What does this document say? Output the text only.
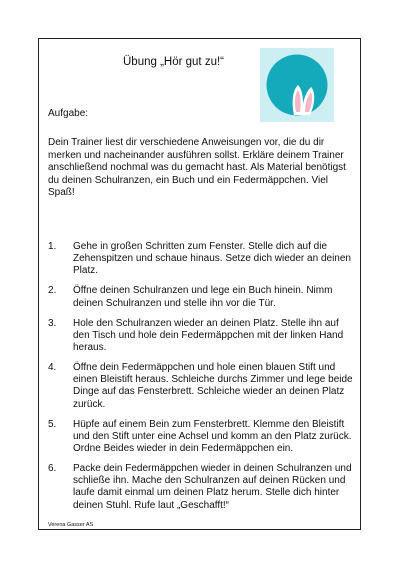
Übung „Hör gut zu!“
Aufgabe:

Dein Trainer liest dir verschiedene Anweisungen vor, die du dir merken und nacheinander ausführen sollst. Erkläre deinem Trainer anschließend nochmal was du gemacht hast. Als Material benötigst du deinen Schulranzen, ein Buch und ein Federmäppchen. Viel Spaß!

1.	Gehe in großen Schritten zum Fenster. Stelle dich auf die Zehenspitzen und schaue hinaus. Setze dich wieder an deinen Platz.
2.	Öffne deinen Schulranzen und lege ein Buch hinein. Nimm deinen Schulranzen und stelle ihn vor die Tür.
3.	Hole den Schulranzen wieder an deinen Platz. Stelle ihn auf den Tisch und hole dein Federmäppchen mit der linken Hand heraus.
4.	Öffne dein Federmäppchen und hole einen blauen Stift und einen Bleistift heraus. Schleiche durchs Zimmer und lege beide Dinge auf das Fensterbrett. Schleiche wieder an deinen Platz zurück.
5.	Hüpfe auf einem Bein zum Fensterbrett. Klemme den Bleistift und den Stift unter eine Achsel und komm an den Platz zurück. Ordne Beides wieder in dein Federmäppchen ein.
6.	Packe dein Federmäppchen wieder in deinen Schulranzen und schließe ihn. Mache den Schulranzen auf deinen Rücken und laufe damit einmal um deinen Platz herum. Stelle dich hinter deinen Stuhl. Rufe laut „Geschafft!“
Verena Gasser AS
